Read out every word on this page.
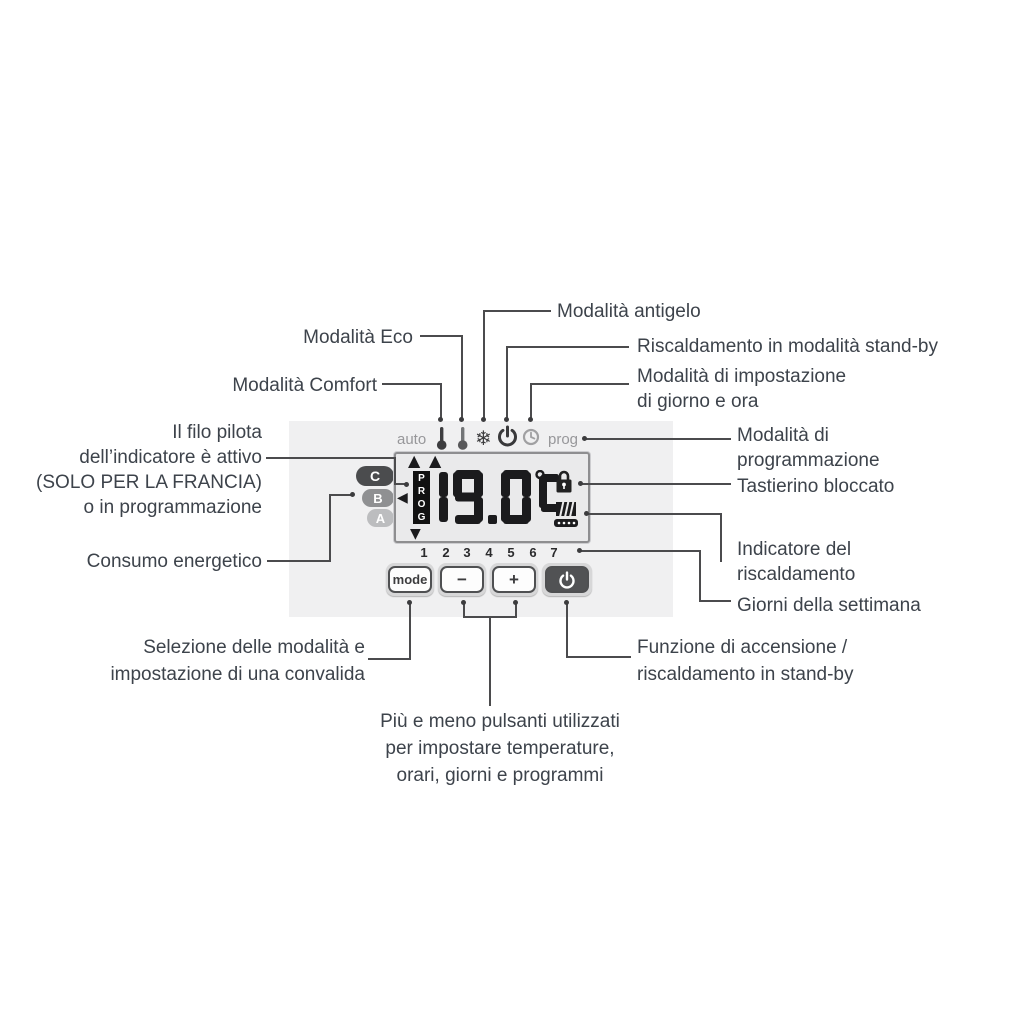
Modalità antigelo
Modalità Eco
Modalità Comfort
Riscaldamento in modalità stand-by
Modalità di impostazione
di giorno e ora
Modalità di
programmazione
Tastierino bloccato
Il filo pilota
dell’indicatore è attivo
(SOLO PER LA FRANCIA)
o in programmazione
Consumo energetico
Indicatore del
riscaldamento
Giorni della settimana
Selezione delle modalità e
impostazione di una convalida
Funzione di accensione /
riscaldamento in stand-by
Più e meno pulsanti utilizzati
per impostare temperature,
orari, giorni e programmi
auto ❄	prog
C
B
A
▲ ▲
◀
▼
P
R
O
G
1 2 3 4 5 6 7
mode	−	+
